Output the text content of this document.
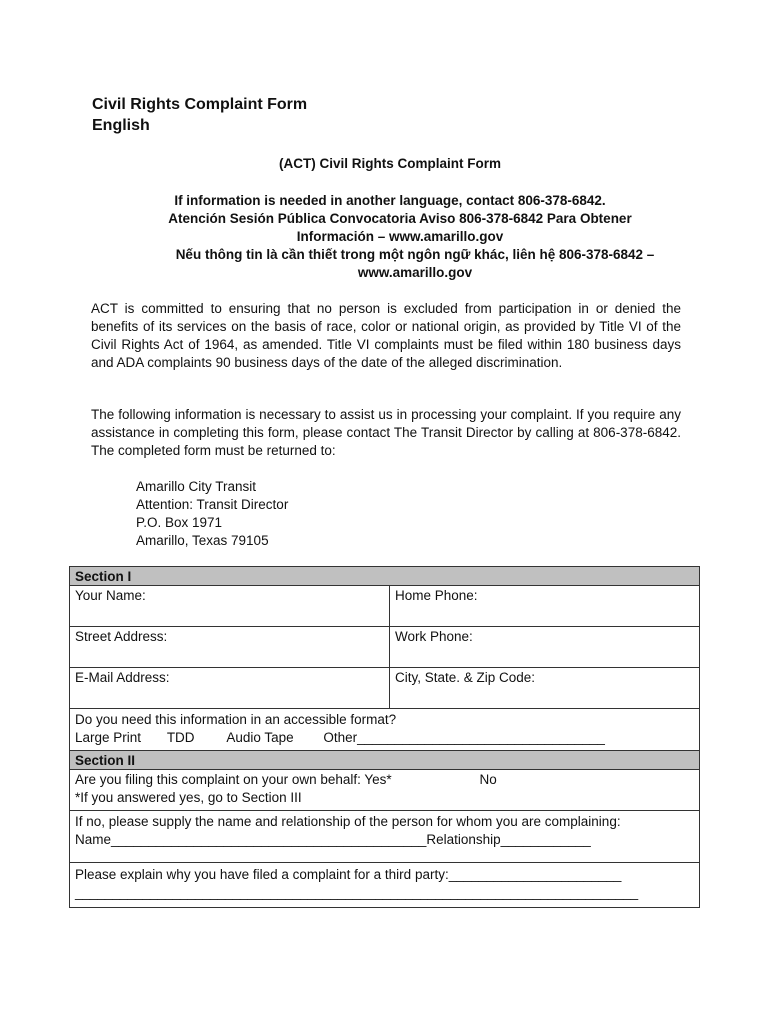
Civil Rights Complaint Form
English
(ACT) Civil Rights Complaint Form
If information is needed in another language, contact 806-378-6842.
Atención Sesión Pública Convocatoria Aviso 806-378-6842 Para Obtener
Información – www.amarillo.gov
Nếu thông tin là cần thiết trong một ngôn ngữ khác, liên hệ 806-378-6842 –
www.amarillo.gov
ACT is committed to ensuring that no person is excluded from participation in or denied the benefits of its services on the basis of race, color or national origin, as provided by Title VI of the Civil Rights Act of 1964, as amended. Title VI complaints must be filed within 180 business days and ADA complaints 90 business days of the date of the alleged discrimination.
The following information is necessary to assist us in processing your complaint. If you require any assistance in completing this form, please contact The Transit Director by calling at 806-378-6842. The completed form must be returned to:
Amarillo City Transit
Attention: Transit Director
P.O. Box 1971
Amarillo, Texas 79105
Section I
Your Name:	Home Phone:
Street Address:	Work Phone:
E-Mail Address:	City, State. & Zip Code:
Do you need this information in an accessible format?
Large Print TDD Audio Tape Other_________________________________
Section II
Are you filing this complaint on your own behalf: Yes*	No
*If you answered yes, go to Section III
If no, please supply the name and relationship of the person for whom you are complaining:
Name__________________________________________Relationship____________
Please explain why you have filed a complaint for a third party:_______________________
___________________________________________________________________________
